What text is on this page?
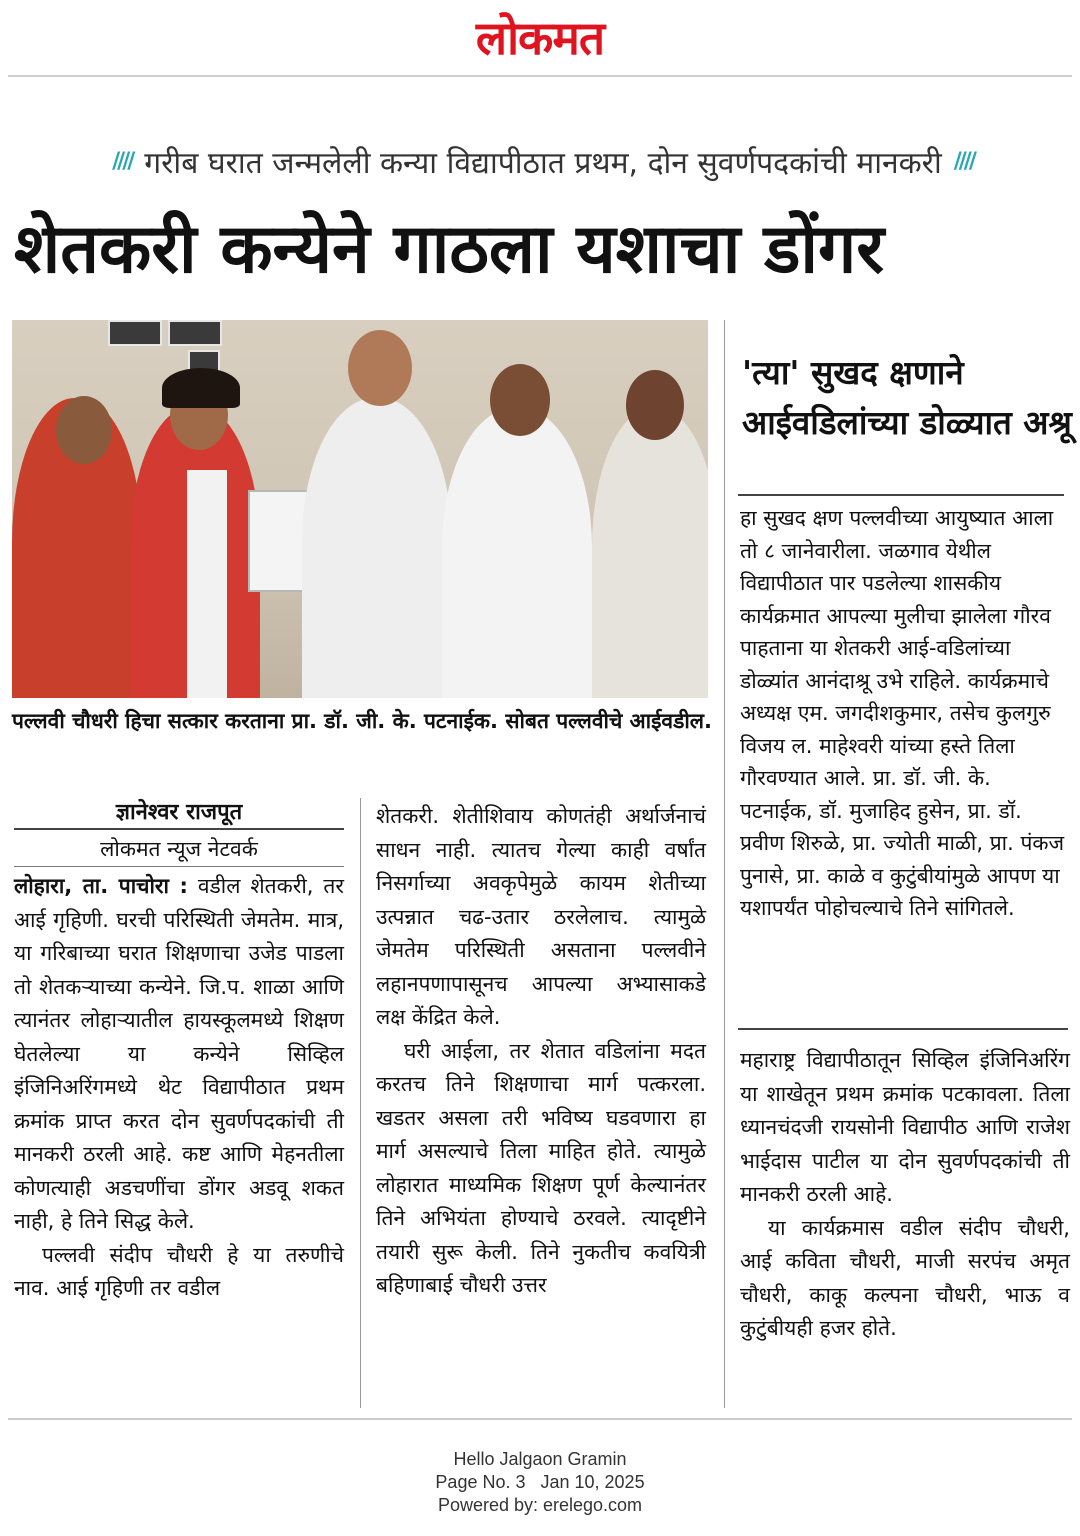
लोकमत
//// गरीब घरात जन्मलेली कन्या विद्यापीठात प्रथम, दोन सुवर्णपदकांची मानकरी ////
शेतकरी कन्येने गाठला यशाचा डोंगर
पल्लवी चौधरी हिचा सत्कार करताना प्रा. डॉ. जी. के. पटनाईक. सोबत पल्लवीचे आईवडील.
'त्या' सुखद क्षणाने आईवडिलांच्या डोळ्यात अश्रू
हा सुखद क्षण पल्लवीच्या आयुष्यात आला तो ८ जानेवारीला. जळगाव येथील विद्यापीठात पार पडलेल्या शासकीय कार्यक्रमात आपल्या मुलीचा झालेला गौरव पाहताना या शेतकरी आई-वडिलांच्या डोळ्यांत आनंदाश्रू उभे राहिले. कार्यक्रमाचे अध्यक्ष एम. जगदीशकुमार, तसेच कुलगुरु विजय ल. माहेश्वरी यांच्या हस्ते तिला गौरवण्यात आले. प्रा. डॉ. जी. के. पटनाईक, डॉ. मुजाहिद हुसेन, प्रा. डॉ. प्रवीण शिरुळे, प्रा. ज्योती माळी, प्रा. पंकज पुनासे, प्रा. काळे व कुटुंबीयांमुळे आपण या यशापर्यंत पोहोचल्याचे तिने सांगितले.
ज्ञानेश्वर राजपूत
लोकमत न्यूज नेटवर्क

लोहारा, ता. पाचोरा : वडील शेतकरी, तर आई गृहिणी. घरची परिस्थिती जेमतेम. मात्र, या गरिबाच्या घरात शिक्षणाचा उजेड पाडला तो शेतकऱ्याच्या कन्येने. जि.प. शाळा आणि त्यानंतर लोहाऱ्यातील हायस्कूलमध्ये शिक्षण घेतलेल्या या कन्येने सिव्हिल इंजिनिअरिंगमध्ये थेट विद्यापीठात प्रथम क्रमांक प्राप्त करत दोन सुवर्णपदकांची ती मानकरी ठरली आहे. कष्ट आणि मेहनतीला कोणत्याही अडचणींचा डोंगर अडवू शकत नाही, हे तिने सिद्ध केले.

पल्लवी संदीप चौधरी हे या तरुणीचे नाव. आई गृहिणी तर वडील

शेतकरी. शेतीशिवाय कोणतंही अर्थार्जनाचं साधन नाही. त्यातच गेल्या काही वर्षांत निसर्गाच्या अवकृपेमुळे कायम शेतीच्या उत्पन्नात चढ-उतार ठरलेलाच. त्यामुळे जेमतेम परिस्थिती असताना पल्लवीने लहानपणापासूनच आपल्या अभ्यासाकडे लक्ष केंद्रित केले.

घरी आईला, तर शेतात वडिलांना मदत करतच तिने शिक्षणाचा मार्ग पत्करला. खडतर असला तरी भविष्य घडवणारा हा मार्ग असल्याचे तिला माहित होते. त्यामुळे लोहारात माध्यमिक शिक्षण पूर्ण केल्यानंतर तिने अभियंता होण्याचे ठरवले. त्यादृष्टीने तयारी सुरू केली. तिने नुकतीच कवयित्री बहिणाबाई चौधरी उत्तर

महाराष्ट्र विद्यापीठातून सिव्हिल इंजिनिअरिंग या शाखेतून प्रथम क्रमांक पटकावला. तिला ध्यानचंदजी रायसोनी विद्यापीठ आणि राजेश भाईदास पाटील या दोन सुवर्णपदकांची ती मानकरी ठरली आहे.

या कार्यक्रमास वडील संदीप चौधरी, आई कविता चौधरी, माजी सरपंच अमृत चौधरी, काकू कल्पना चौधरी, भाऊ व कुटुंबीयही हजर होते.

Hello Jalgaon Gramin
Page No. 3   Jan 10, 2025
Powered by: erelego.com
